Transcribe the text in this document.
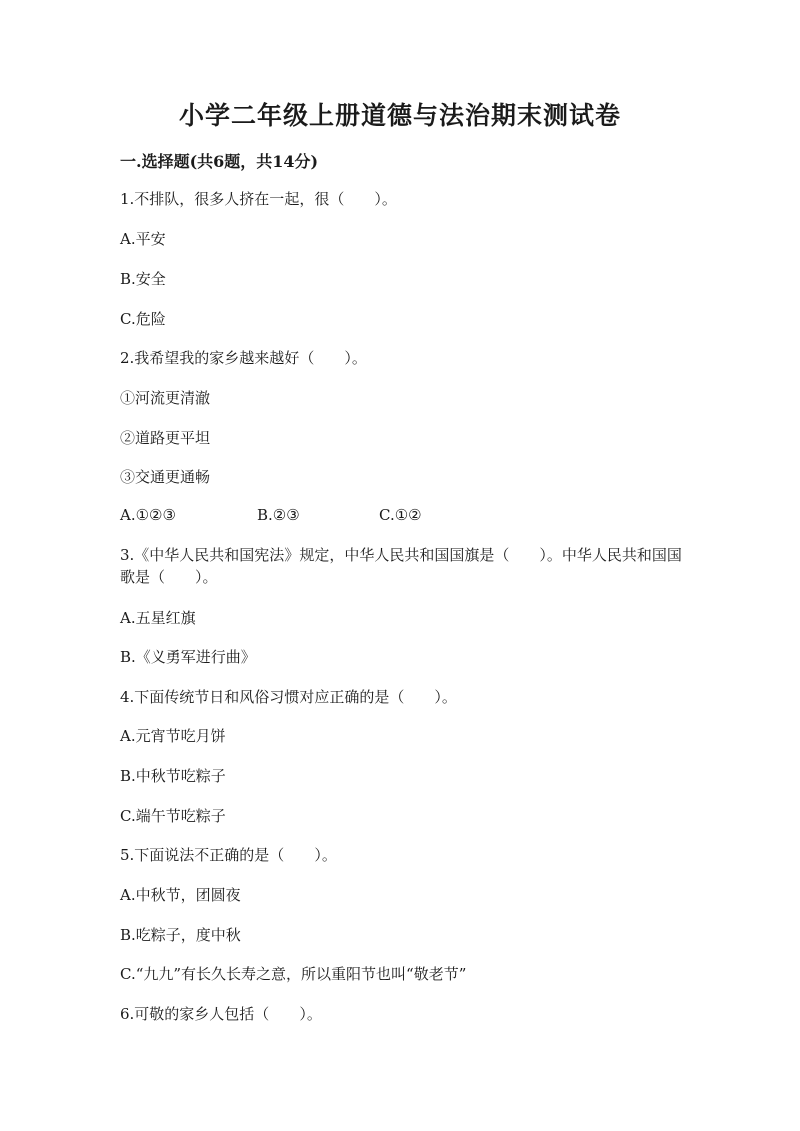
小学二年级上册道德与法治期末测试卷
一.选择题(共6题，共14分)
1.不排队，很多人挤在一起，很（　　）。
A.平安
B.安全
C.危险
2.我希望我的家乡越来越好（　　）。
①河流更清澈
②道路更平坦
③交通更通畅
A.①②③	B.②③	C.①②
3.《中华人民共和国宪法》规定，中华人民共和国国旗是（　　）。中华人民共和国国歌是（　　）。
A.五星红旗
B.《义勇军进行曲》
4.下面传统节日和风俗习惯对应正确的是（　　）。
A.元宵节吃月饼
B.中秋节吃粽子
C.端午节吃粽子
5.下面说法不正确的是（　　）。
A.中秋节，团圆夜
B.吃粽子，度中秋
C.“九九”有长久长寿之意，所以重阳节也叫“敬老节”
6.可敬的家乡人包括（　　）。
